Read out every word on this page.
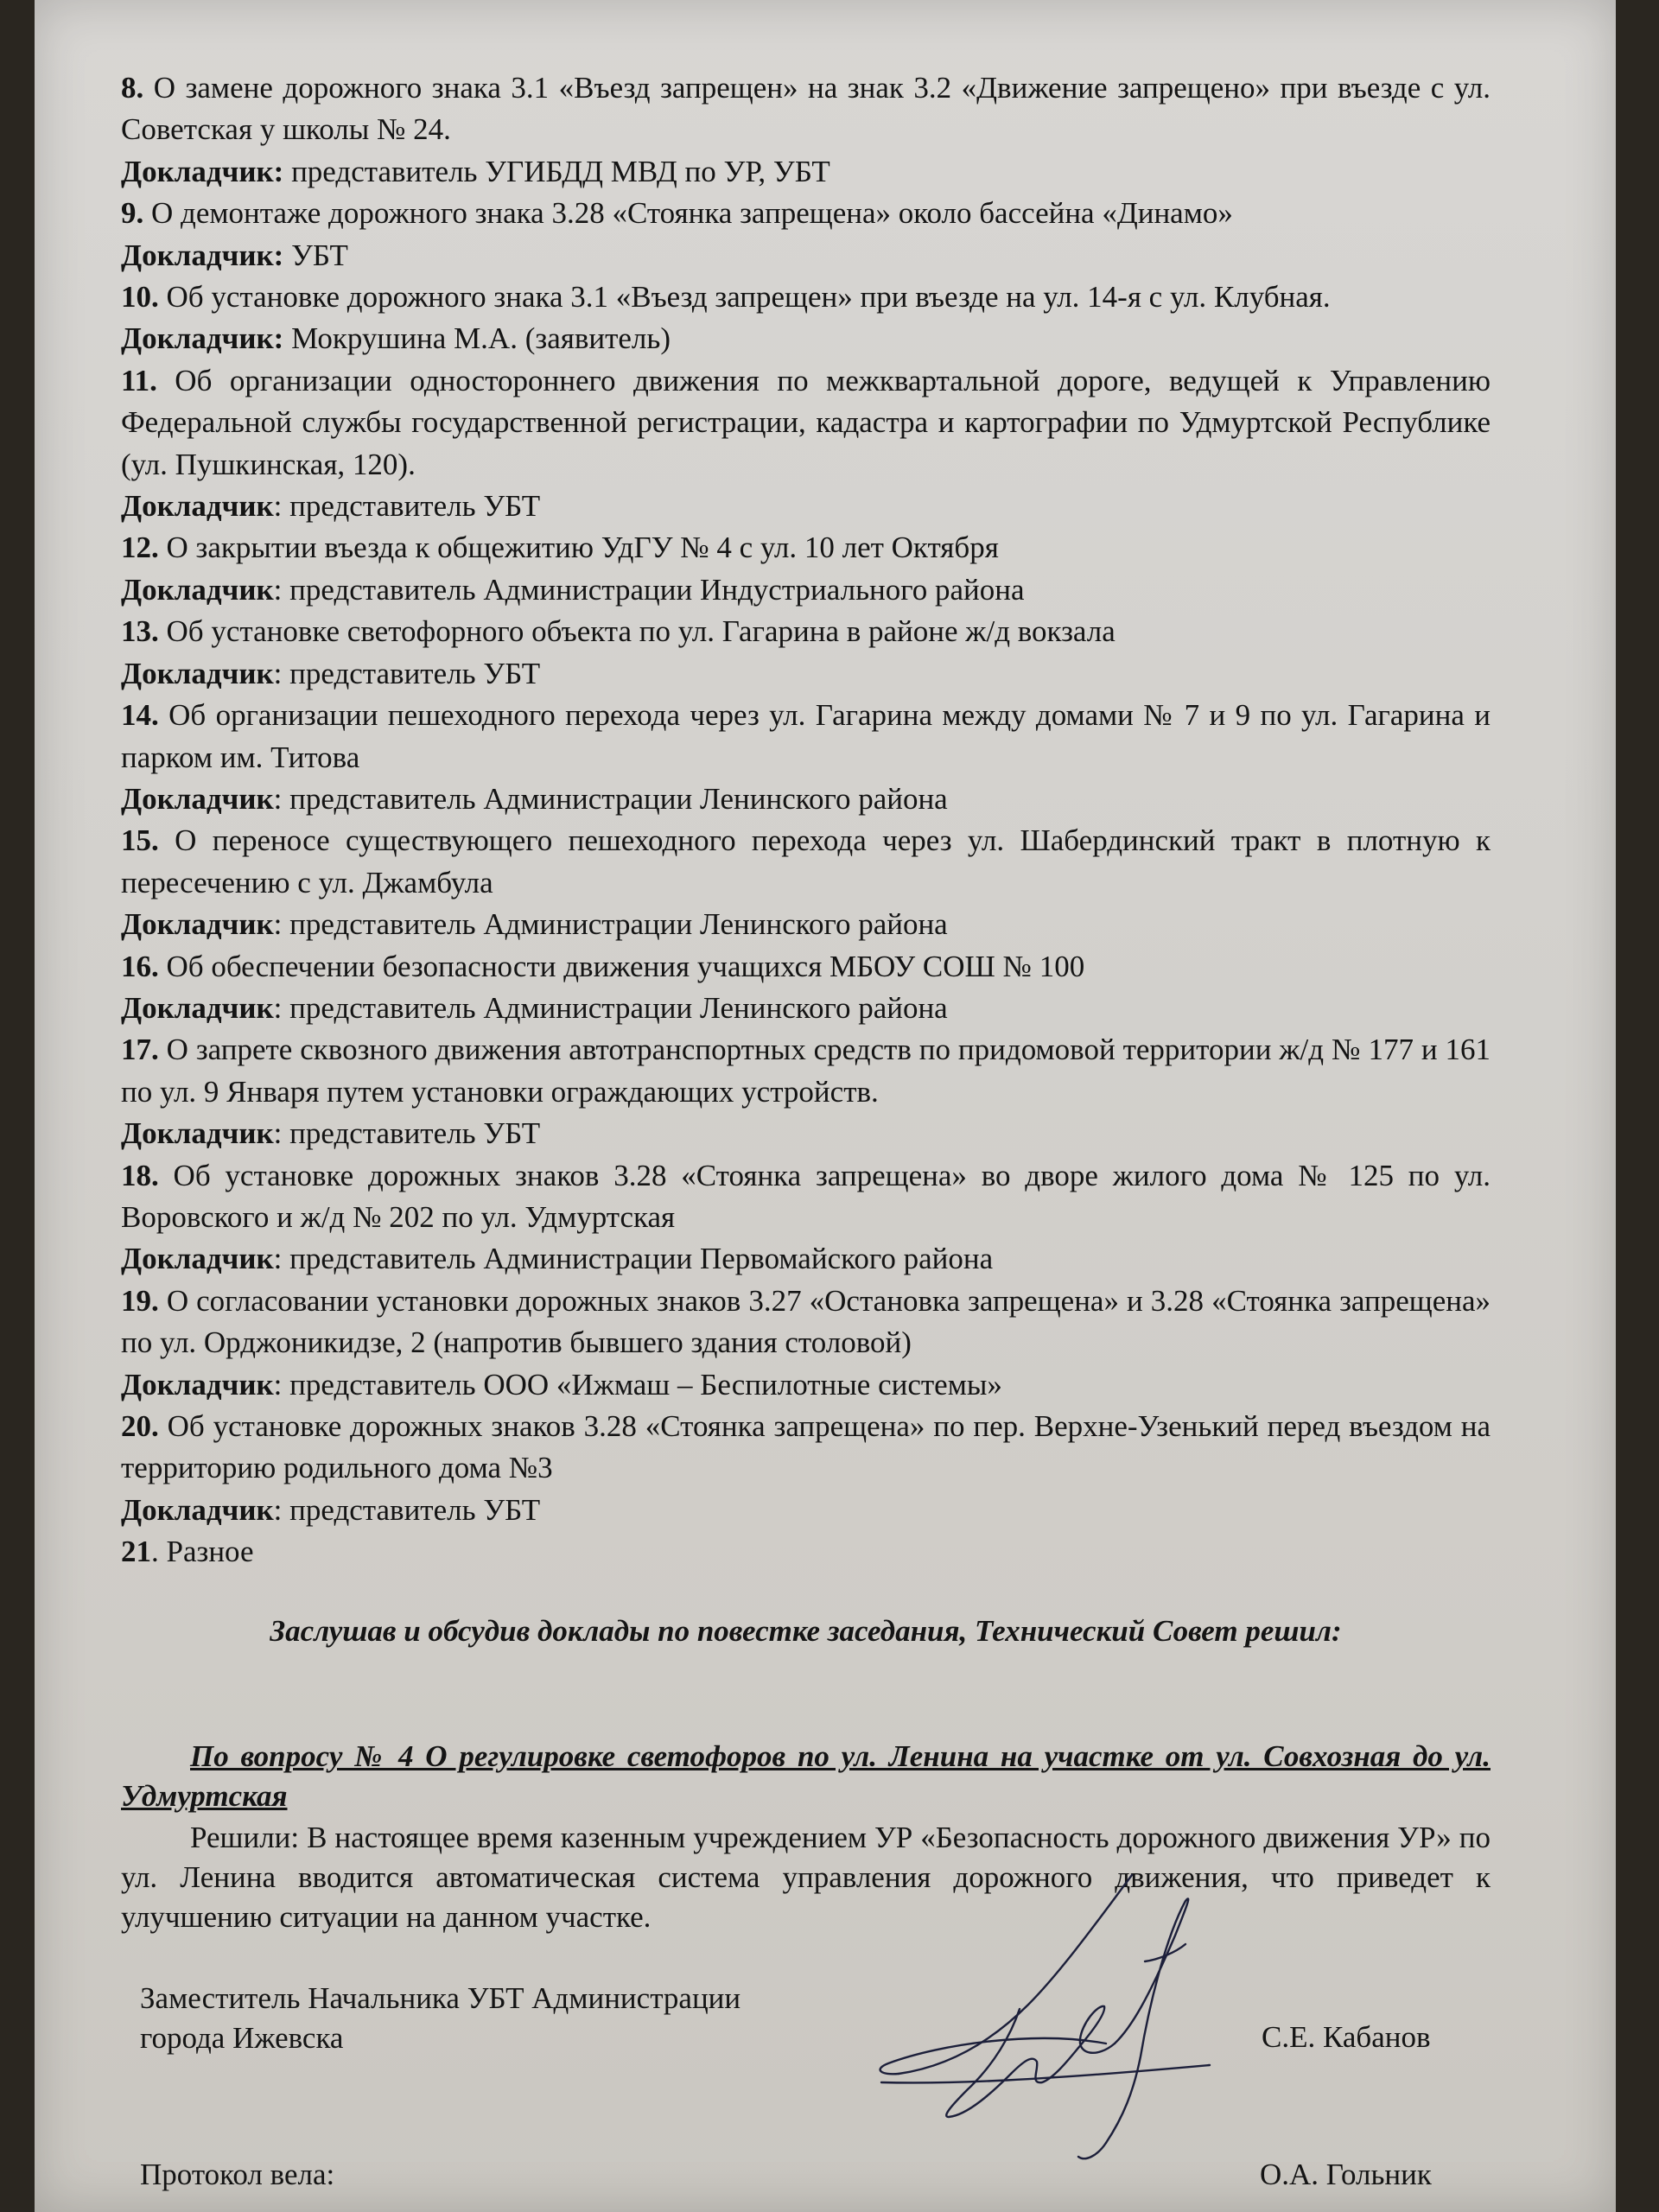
8. О замене дорожного знака 3.1 «Въезд запрещен» на знак 3.2 «Движение запрещено» при въезде с ул. Советская у школы № 24.

Докладчик: представитель УГИБДД МВД по УР, УБТ

9. О демонтаже дорожного знака 3.28 «Стоянка запрещена» около бассейна «Динамо»

Докладчик: УБТ

10. Об установке дорожного знака 3.1 «Въезд запрещен» при въезде на ул. 14-я с ул. Клубная.

Докладчик: Мокрушина М.А. (заявитель)

11. Об организации одностороннего движения по межквартальной дороге, ведущей к Управлению Федеральной службы государственной регистрации, кадастра и картографии по Удмуртской Республике (ул. Пушкинская, 120).

Докладчик: представитель УБТ

12. О закрытии въезда к общежитию УдГУ № 4 с ул. 10 лет Октября

Докладчик: представитель Администрации Индустриального района

13. Об установке светофорного объекта по ул. Гагарина в районе ж/д вокзала

Докладчик: представитель УБТ

14. Об организации пешеходного перехода через ул. Гагарина между домами № 7 и 9 по ул. Гагарина и парком им. Титова

Докладчик: представитель Администрации Ленинского района

15. О переносе существующего пешеходного перехода через ул. Шабердинский тракт в плотную к пересечению с ул. Джамбула

Докладчик: представитель Администрации Ленинского района

16. Об обеспечении безопасности движения учащихся МБОУ СОШ № 100

Докладчик: представитель Администрации Ленинского района

17. О запрете сквозного движения автотранспортных средств по придомовой территории ж/д № 177 и 161 по ул. 9 Января путем установки ограждающих устройств.

Докладчик: представитель УБТ

18. Об установке дорожных знаков 3.28 «Стоянка запрещена» во дворе жилого дома № 125 по ул. Воровского и ж/д № 202 по ул. Удмуртская

Докладчик: представитель Администрации Первомайского района

19. О согласовании установки дорожных знаков 3.27 «Остановка запрещена» и 3.28 «Стоянка запрещена» по ул. Орджоникидзе, 2 (напротив бывшего здания столовой)

Докладчик: представитель ООО «Ижмаш – Беспилотные системы»

20. Об установке дорожных знаков 3.28 «Стоянка запрещена» по пер. Верхне-Узенький перед въездом на территорию родильного дома №3

Докладчик: представитель УБТ

21. Разное

Заслушав и обсудив доклады по повестке заседания, Технический Совет решил:
По вопросу № 4 О регулировке светофоров по ул. Ленина на участке от ул. Совхозная до ул. Удмуртская
Решили: В настоящее время казенным учреждением УР «Безопасность дорожного движения УР» по ул. Ленина вводится автоматическая система управления дорожного движения, что приведет к улучшению ситуации на данном участке.
Заместитель Начальника УБТ Администрации
города Ижевска	С.Е. Кабанов
Протокол вела:	О.А. Гольник
